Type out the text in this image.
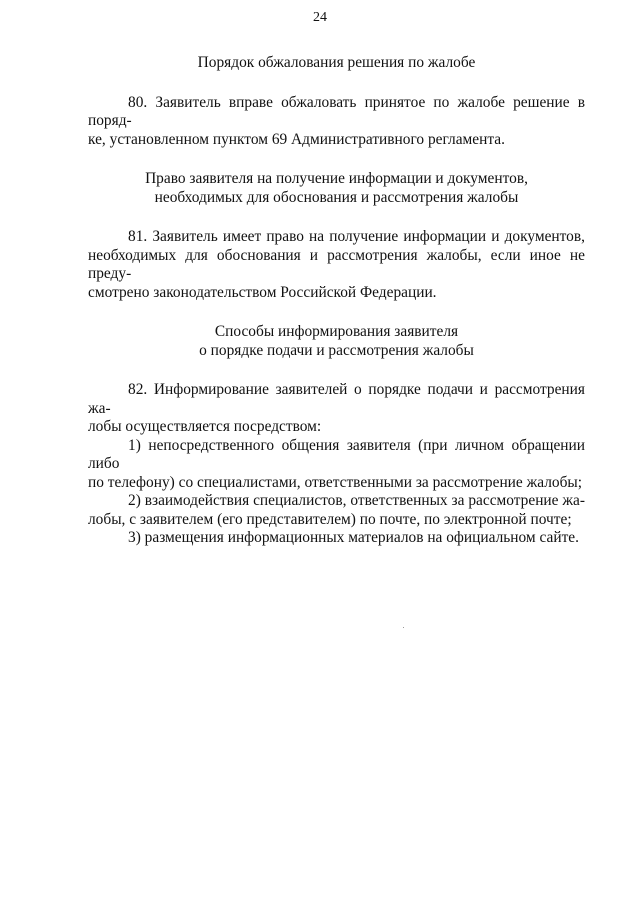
24

Порядок обжалования решения по жалобе

80. Заявитель вправе обжаловать принятое по жалобе решение в поряд-
ке, установленном пунктом 69 Административного регламента.

Право заявителя на получение информации и документов,
необходимых для обоснования и рассмотрения жалобы

81. Заявитель имеет право на получение информации и документов,
необходимых для обоснования и рассмотрения жалобы, если иное не преду-
смотрено законодательством Российской Федерации.

Способы информирования заявителя
о порядке подачи и рассмотрения жалобы

82. Информирование заявителей о порядке подачи и рассмотрения жа-
лобы осуществляется посредством:
1) непосредственного общения заявителя (при личном обращении либо
по телефону) со специалистами, ответственными за рассмотрение жалобы;
2) взаимодействия специалистов, ответственных за рассмотрение жа-
лобы, с заявителем (его представителем) по почте, по электронной почте;
3) размещения информационных материалов на официальном сайте.
